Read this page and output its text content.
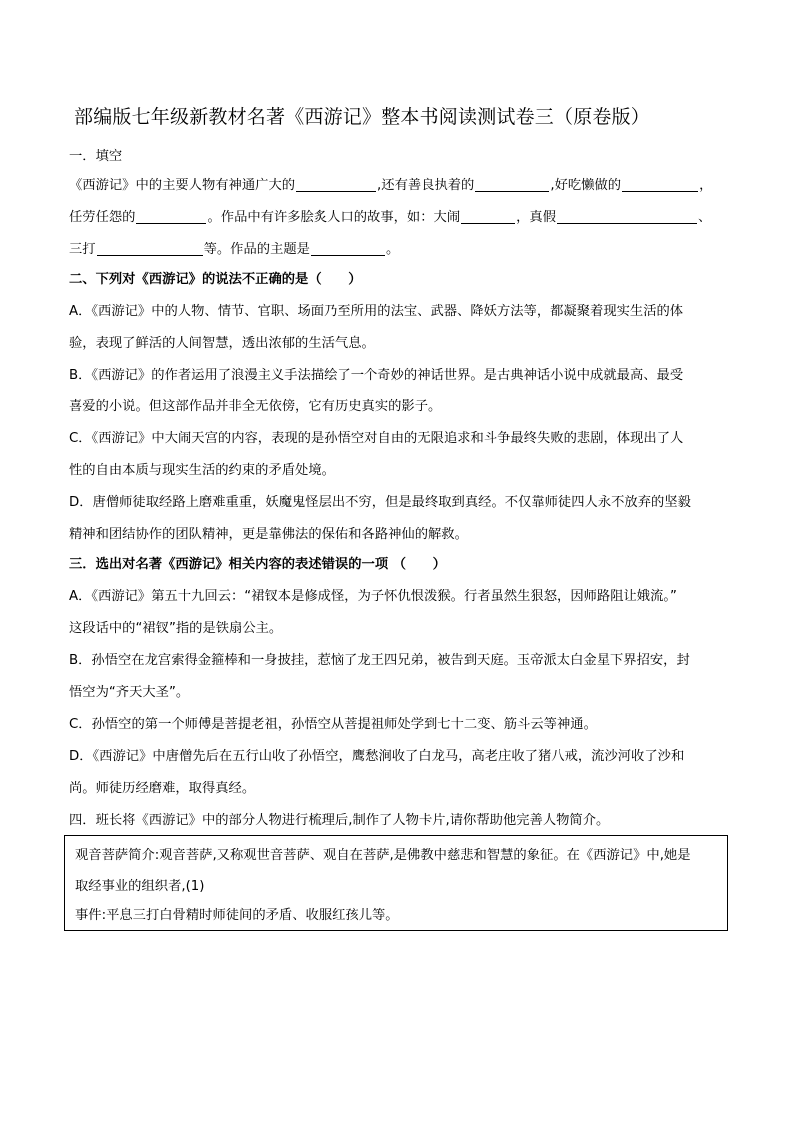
部编版七年级新教材名著《西游记》整本书阅读测试卷三（原卷版）
一．填空
《西游记》中的主要人物有神通广大的	,还有善良执着的	,好吃懒做的	，
任劳任怨的	。作品中有许多脍炙人口的故事，如：大闹	，真假	、
三打	等。作品的主题是	。
二、下列对《西游记》的说法不正确的是（　　）
A．《西游记》中的人物、情节、官职、场面乃至所用的法宝、武器、降妖方法等，都凝聚着现实生活的体
验，表现了鲜活的人间智慧，透出浓郁的生活气息。
B．《西游记》的作者运用了浪漫主义手法描绘了一个奇妙的神话世界。是古典神话小说中成就最高、最受
喜爱的小说。但这部作品并非全无依傍，它有历史真实的影子。
C．《西游记》中大闹天宫的内容，表现的是孙悟空对自由的无限追求和斗争最终失败的悲剧，体现出了人
性的自由本质与现实生活的约束的矛盾处境。
D．唐僧师徒取经路上磨难重重，妖魔鬼怪层出不穷，但是最终取到真经。不仅靠师徒四人永不放弃的坚毅
精神和团结协作的团队精神，更是靠佛法的保佑和各路神仙的解救。
三．选出对名著《西游记》相关内容的表述错误的一项 （　　）
A．《西游记》第五十九回云：“裙钗本是修成怪，为子怀仇恨泼猴。行者虽然生狠怒，因师路阻让娥流。”
这段话中的“裙钗”指的是铁扇公主。
B．孙悟空在龙宫索得金箍棒和一身披挂，惹恼了龙王四兄弟，被告到天庭。玉帝派太白金星下界招安，封
悟空为“齐天大圣”。
C．孙悟空的第一个师傅是菩提老祖，孙悟空从菩提祖师处学到七十二变、筋斗云等神通。
D．《西游记》中唐僧先后在五行山收了孙悟空，鹰愁涧收了白龙马，高老庄收了猪八戒，流沙河收了沙和
尚。师徒历经磨难，取得真经。
四．班长将《西游记》中的部分人物进行梳理后,制作了人物卡片,请你帮助他完善人物简介。
观音菩萨简介:观音菩萨,又称观世音菩萨、观自在菩萨,是佛教中慈悲和智慧的象征。在《西游记》中,她是
取经事业的组织者,(1)
事件:平息三打白骨精时师徒间的矛盾、收服红孩儿等。
